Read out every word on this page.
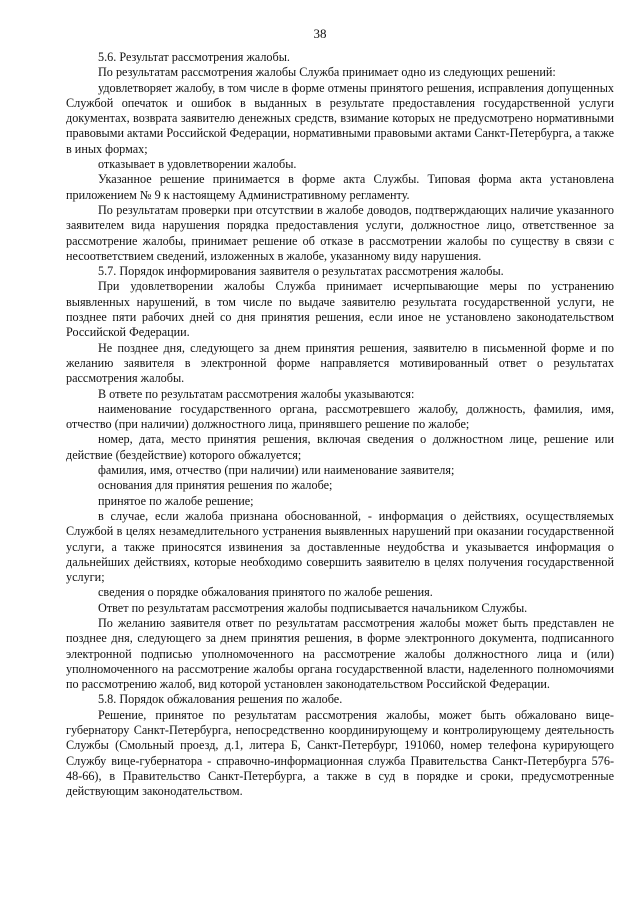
38

5.6. Результат рассмотрения жалобы.

По результатам рассмотрения жалобы Служба принимает одно из следующих решений:

удовлетворяет жалобу, в том числе в форме отмены принятого решения, исправления допущенных Службой опечаток и ошибок в выданных в результате предоставления государственной услуги документах, возврата заявителю денежных средств, взимание которых не предусмотрено нормативными правовыми актами Российской Федерации, нормативными правовыми актами Санкт-Петербурга, а также в иных формах;

отказывает в удовлетворении жалобы.

Указанное решение принимается в форме акта Службы. Типовая форма акта установлена приложением № 9 к настоящему Административному регламенту.

По результатам проверки при отсутствии в жалобе доводов, подтверждающих наличие указанного заявителем вида нарушения порядка предоставления услуги, должностное лицо, ответственное за рассмотрение жалобы, принимает решение об отказе в рассмотрении жалобы по существу в связи с несоответствием сведений, изложенных в жалобе, указанному виду нарушения.

5.7. Порядок информирования заявителя о результатах рассмотрения жалобы.

При удовлетворении жалобы Служба принимает исчерпывающие меры по устранению выявленных нарушений, в том числе по выдаче заявителю результата государственной услуги, не позднее пяти рабочих дней со дня принятия решения, если иное не установлено законодательством Российской Федерации.

Не позднее дня, следующего за днем принятия решения, заявителю в письменной форме и по желанию заявителя в электронной форме направляется мотивированный ответ о результатах рассмотрения жалобы.

В ответе по результатам рассмотрения жалобы указываются:

наименование государственного органа, рассмотревшего жалобу, должность, фамилия, имя, отчество (при наличии) должностного лица, принявшего решение по жалобе;

номер, дата, место принятия решения, включая сведения о должностном лице, решение или действие (бездействие) которого обжалуется;

фамилия, имя, отчество (при наличии) или наименование заявителя;

основания для принятия решения по жалобе;

принятое по жалобе решение;

в случае, если жалоба признана обоснованной, - информация о действиях, осуществляемых Службой в целях незамедлительного устранения выявленных нарушений при оказании государственной услуги, а также приносятся извинения за доставленные неудобства и указывается информация о дальнейших действиях, которые необходимо совершить заявителю в целях получения государственной услуги;

сведения о порядке обжалования принятого по жалобе решения.

Ответ по результатам рассмотрения жалобы подписывается начальником Службы.

По желанию заявителя ответ по результатам рассмотрения жалобы может быть представлен не позднее дня, следующего за днем принятия решения, в форме электронного документа, подписанного электронной подписью уполномоченного на рассмотрение жалобы должностного лица и (или) уполномоченного на рассмотрение жалобы органа государственной власти, наделенного полномочиями по рассмотрению жалоб, вид которой установлен законодательством Российской Федерации.

5.8. Порядок обжалования решения по жалобе.

Решение, принятое по результатам рассмотрения жалобы, может быть обжаловано вице-губернатору Санкт-Петербурга, непосредственно координирующему и контролирующему деятельность Службы (Смольный проезд, д.1, литера Б, Санкт-Петербург, 191060, номер телефона курирующего Службу вице-губернатора - справочно-информационная служба Правительства Санкт-Петербурга 576-48-66), в Правительство Санкт-Петербурга, а также в суд в порядке и сроки, предусмотренные действующим законодательством.
